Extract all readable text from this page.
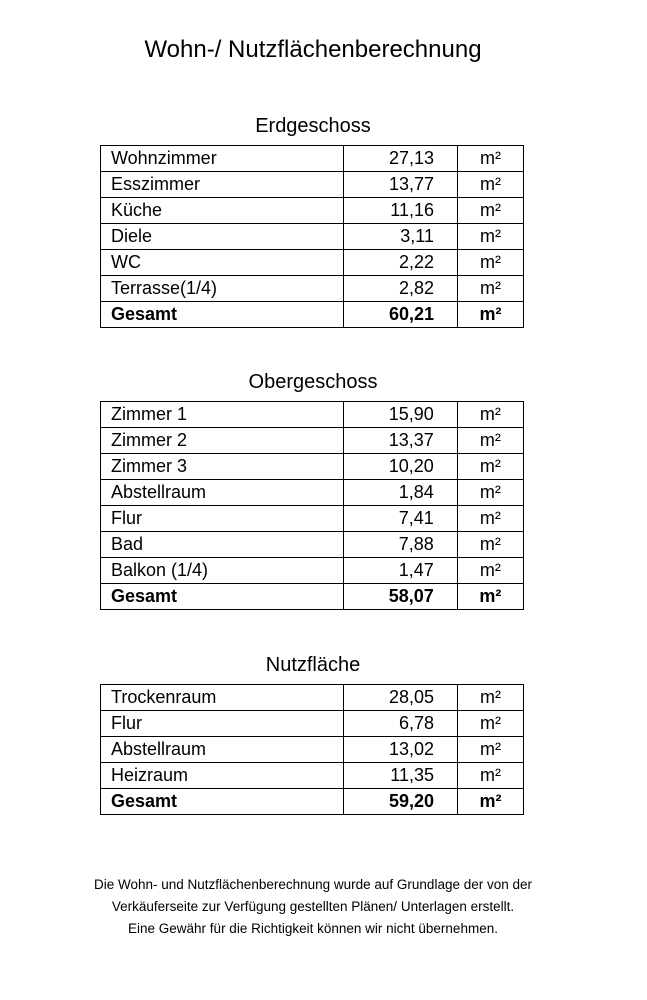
Wohn-/ Nutzflächenberechnung
Erdgeschoss
Wohnzimmer	27,13	m²
Esszimmer	13,77	m²
Küche	11,16	m²
Diele	3,11	m²
WC	2,22	m²
Terrasse(1/4)	2,82	m²
Gesamt	60,21	m²
Obergeschoss
Zimmer 1	15,90	m²
Zimmer 2	13,37	m²
Zimmer 3	10,20	m²
Abstellraum	1,84	m²
Flur	7,41	m²
Bad	7,88	m²
Balkon (1/4)	1,47	m²
Gesamt	58,07	m²
Nutzfläche
Trockenraum	28,05	m²
Flur	6,78	m²
Abstellraum	13,02	m²
Heizraum	11,35	m²
Gesamt	59,20	m²
Die Wohn- und Nutzflächenberechnung wurde auf Grundlage der von der
Verkäuferseite zur Verfügung gestellten Plänen/ Unterlagen erstellt.
Eine Gewähr für die Richtigkeit können wir nicht übernehmen.
